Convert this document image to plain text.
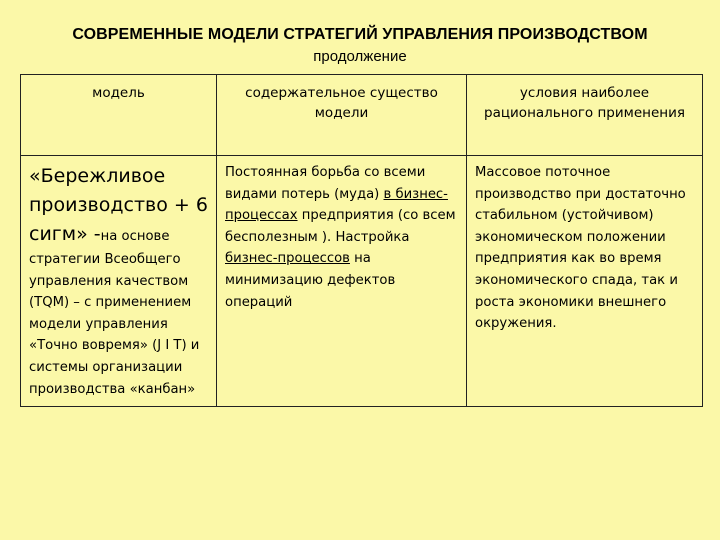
СОВРЕМЕННЫЕ МОДЕЛИ СТРАТЕГИЙ УПРАВЛЕНИЯ ПРОИЗВОДСТВОМ
продолжение
модель	содержательное существо модели	условия наиболее рационального применения
«Бережливое производство + 6 сигм» -на основе стратегии Всеобщего управления качеством (TQM) – с применением модели управления «Точно вовремя» (J I T) и системы организации производства «канбан»	Постоянная борьба со всеми видами потерь (муда) в бизнес-процессах предприятия (со всем бесполезным ). Настройка бизнес-процессов на минимизацию дефектов операций	Массовое поточное производство при достаточно стабильном (устойчивом) экономическом положении предприятия как во время экономического спада, так и роста экономики внешнего окружения.
